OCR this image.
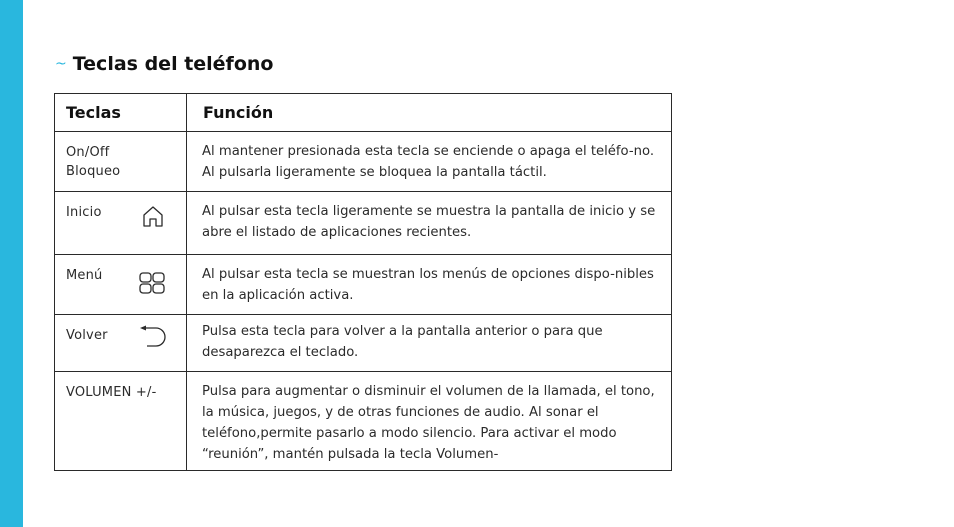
~ Teclas del teléfono
Teclas	Función

On/Off
Bloqueo	Al mantener presionada esta tecla se enciende o apaga el teléfo-no. Al pulsarla ligeramente se bloquea la pantalla táctil.

Inicio	Al pulsar esta tecla ligeramente se muestra la pantalla de inicio y se abre el listado de aplicaciones recientes.

Menú	Al pulsar esta tecla se muestran los menús de opciones dispo-nibles en la aplicación activa.

Volver	Pulsa esta tecla para volver a la pantalla anterior o para que desaparezca el teclado.

VOLUMEN +/-	Pulsa para augmentar o disminuir el volumen de la llamada, el tono, la música, juegos, y de otras funciones de audio. Al sonar el teléfono,permite pasarlo a modo silencio. Para activar el modo “reunión”, mantén pulsada la tecla Volumen-
